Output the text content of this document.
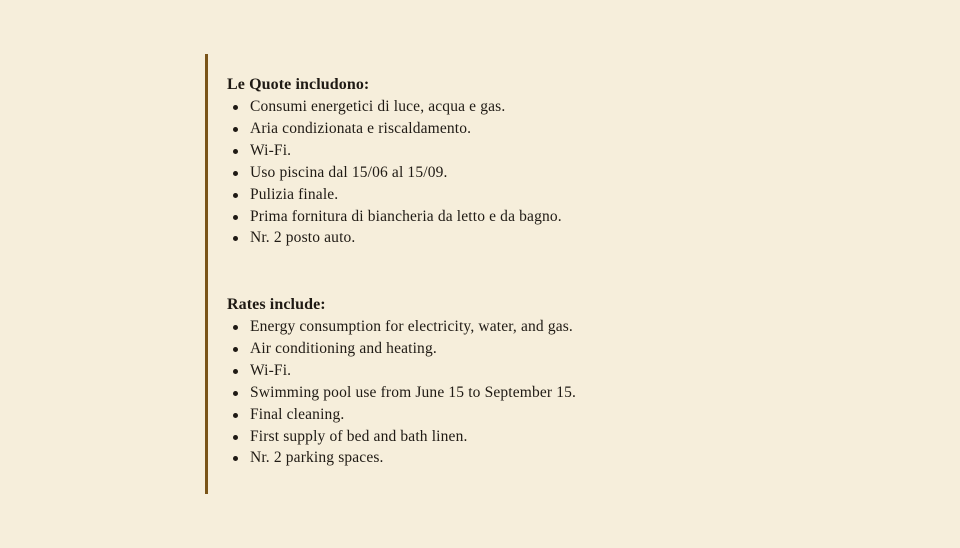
Le Quote includono:
Consumi energetici di luce, acqua e gas.
Aria condizionata e riscaldamento.
Wi-Fi.
Uso piscina dal 15/06 al 15/09.
Pulizia finale.
Prima fornitura di biancheria da letto e da bagno.
Nr. 2 posto auto.
Rates include:
Energy consumption for electricity, water, and gas.
Air conditioning and heating.
Wi-Fi.
Swimming pool use from June 15 to September 15.
Final cleaning.
First supply of bed and bath linen.
Nr. 2 parking spaces.
